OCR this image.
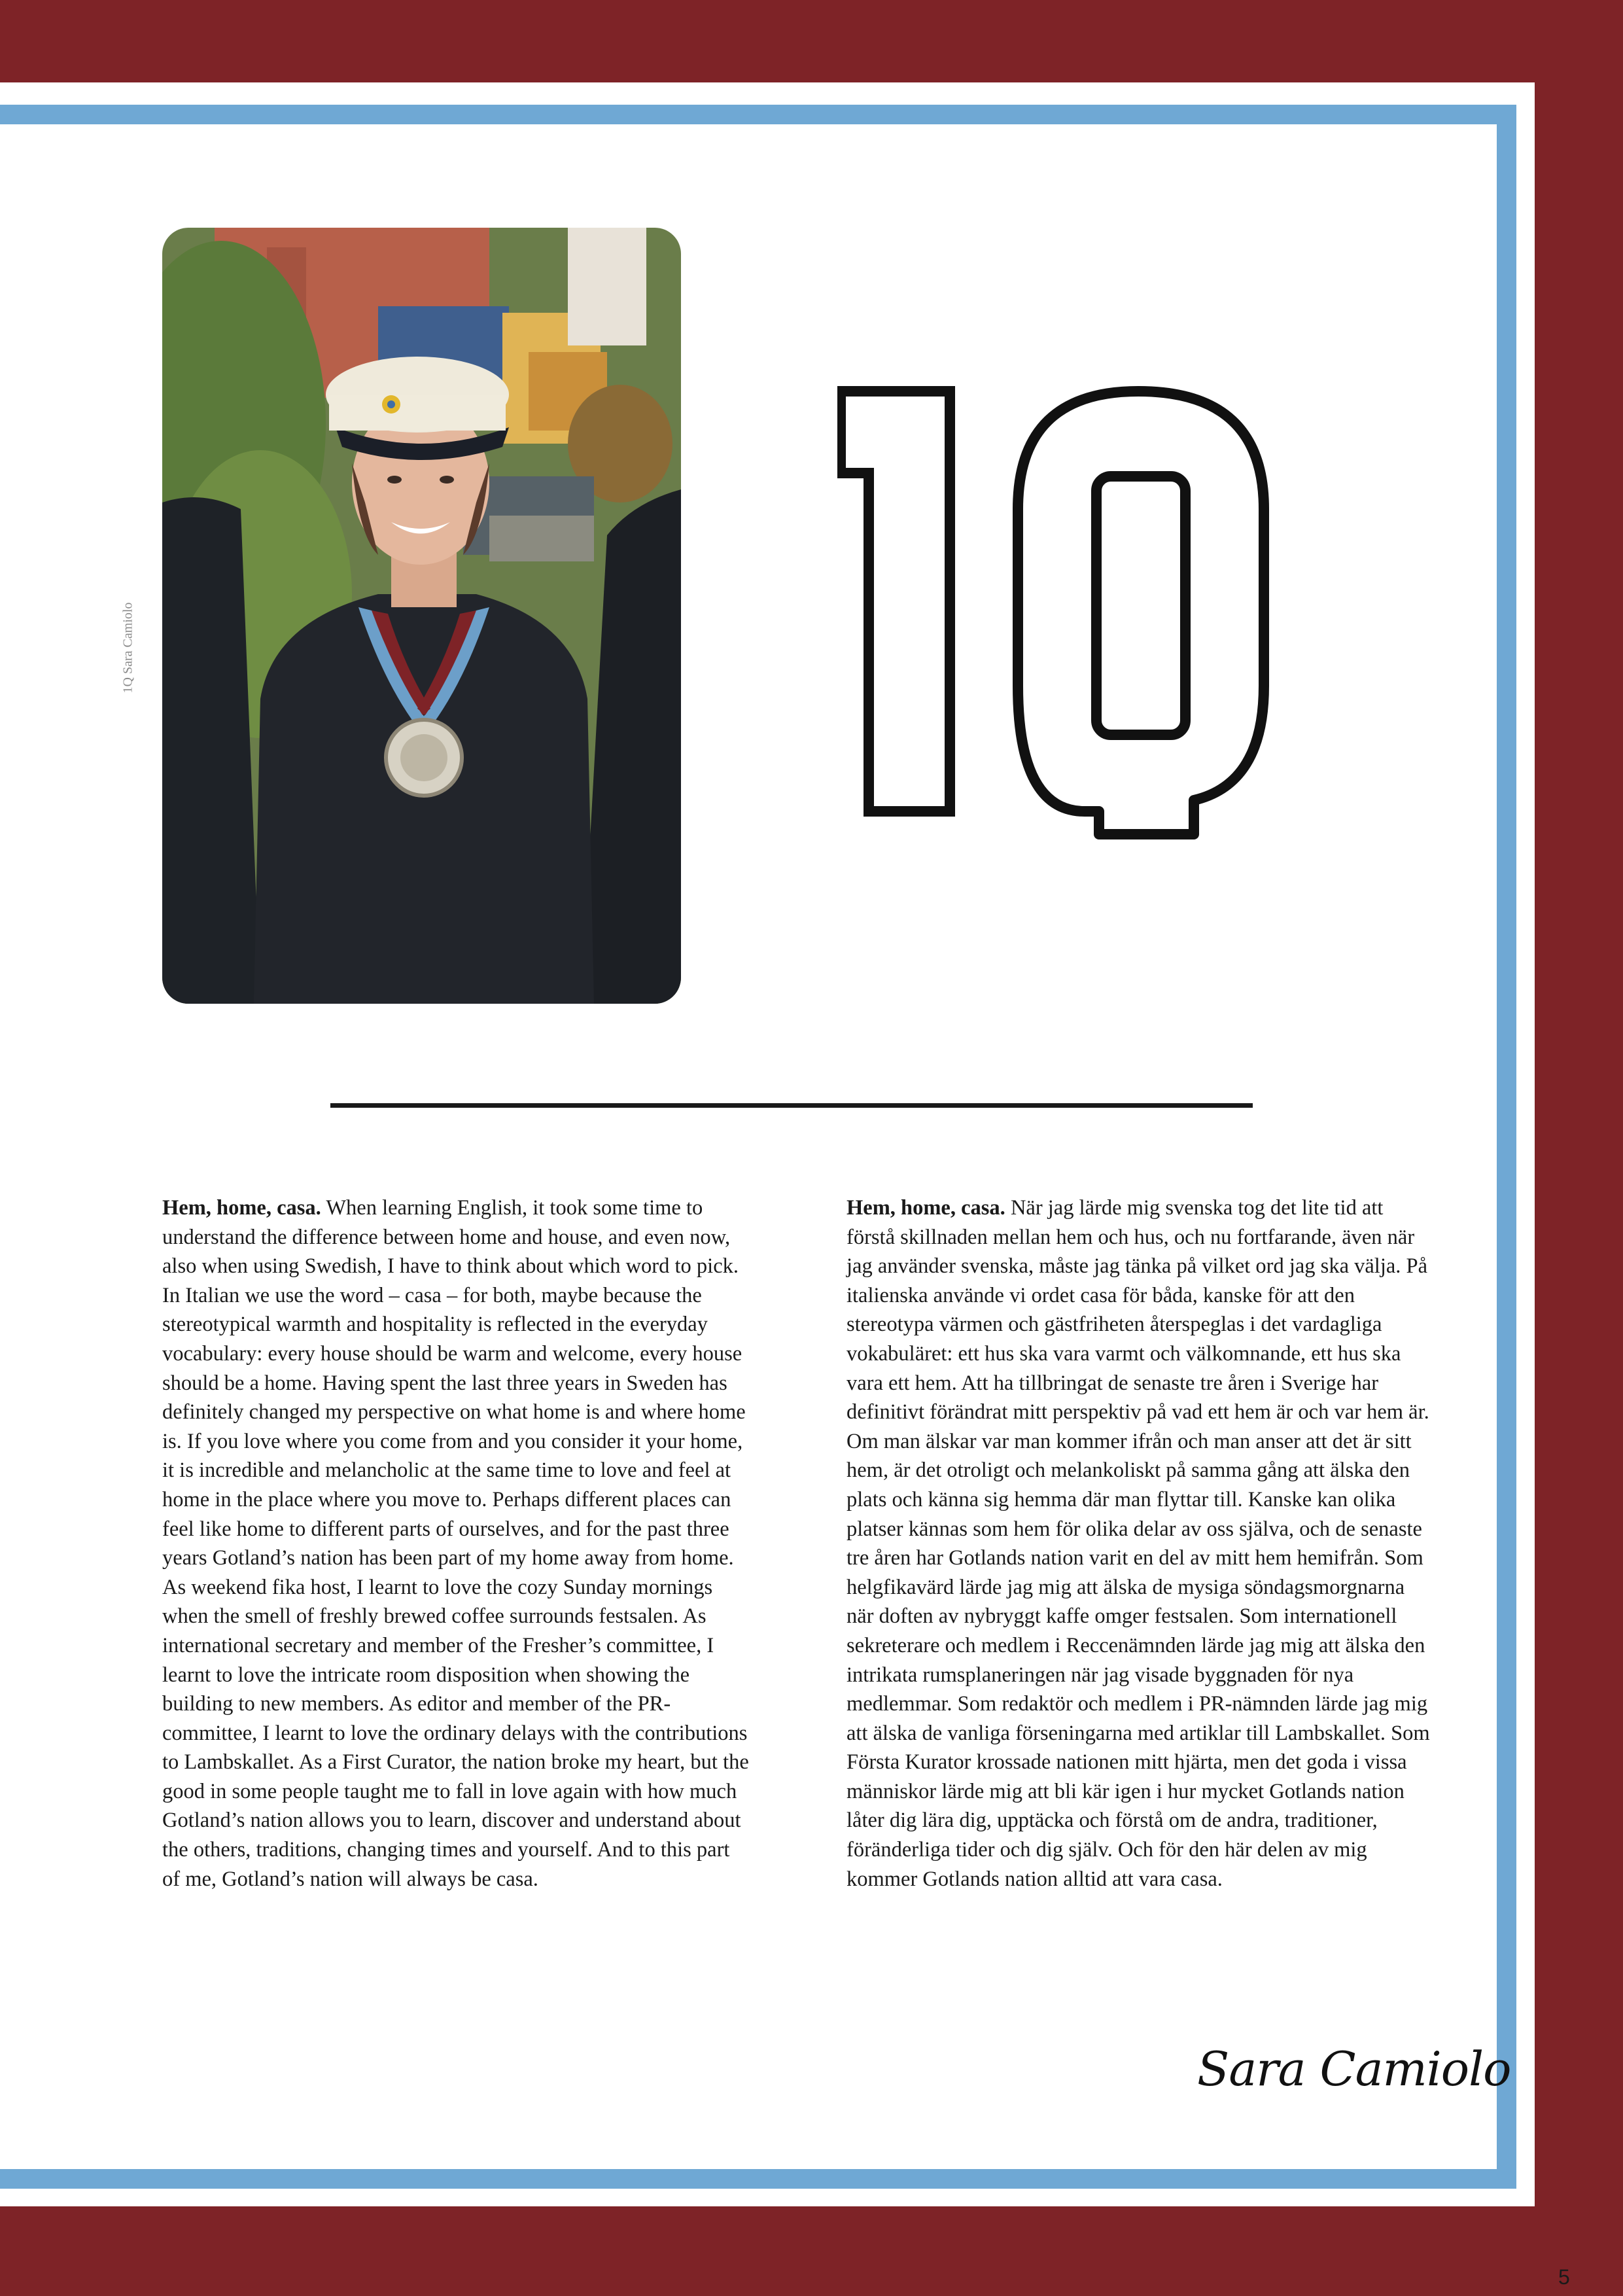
1Q Sara Camiolo
Hem, home, casa. When learning English, it took some time to understand the difference between home and house, and even now, also when using Swedish, I have to think about which word to pick. In Italian we use the word – casa – for both, maybe because the stereotypical warmth and hospitality is reflected in the everyday vocabulary: every house should be warm and welcome, every house should be a home. Having spent the last three years in Sweden has definitely changed my perspective on what home is and where home is. If you love where you come from and you consider it your home, it is incredible and melancholic at the same time to love and feel at home in the place where you move to. Perhaps different places can feel like home to different parts of ourselves, and for the past three years Gotland’s nation has been part of my home away from home. As weekend fika host, I learnt to love the cozy Sunday mornings when the smell of freshly brewed coffee surrounds festsalen. As international secretary and member of the Fresher’s committee, I learnt to love the intricate room disposition when showing the building to new members. As editor and member of the PR-committee, I learnt to love the ordinary delays with the contributions to Lambskallet. As a First Curator, the nation broke my heart, but the good in some people taught me to fall in love again with how much Gotland’s nation allows you to learn, discover and understand about the others, traditions, changing times and yourself. And to this part of me, Gotland’s nation will always be casa.
Hem, home, casa. När jag lärde mig svenska tog det lite tid att förstå skillnaden mellan hem och hus, och nu fortfarande, även när jag använder svenska, måste jag tänka på vilket ord jag ska välja. På italienska använde vi ordet casa för båda, kanske för att den stereotypa värmen och gästfriheten återspeglas i det vardagliga vokabuläret: ett hus ska vara varmt och välkomnande, ett hus ska vara ett hem. Att ha tillbringat de senaste tre åren i Sverige har definitivt förändrat mitt perspektiv på vad ett hem är och var hem är. Om man älskar var man kommer ifrån och man anser att det är sitt hem, är det otroligt och melankoliskt på samma gång att älska den plats och känna sig hemma där man flyttar till. Kanske kan olika platser kännas som hem för olika delar av oss själva, och de senaste tre åren har Gotlands nation varit en del av mitt hem hemifrån. Som helgfikavärd lärde jag mig att älska de mysiga söndagsmorgnarna när doften av nybryggt kaffe omger festsalen. Som internationell sekreterare och medlem i Reccenämnden lärde jag mig att älska den intrikata rumsplaneringen när jag visade byggnaden för nya medlemmar. Som redaktör och medlem i PR-nämnden lärde jag mig att älska de vanliga förseningarna med artiklar till Lambskallet. Som Första Kurator krossade nationen mitt hjärta, men det goda i vissa människor lärde mig att bli kär igen i hur mycket Gotlands nation låter dig lära dig, upptäcka och förstå om de andra, traditioner, föränderliga tider och dig själv. Och för den här delen av mig kommer Gotlands nation alltid att vara casa.
Sara Camiolo
5
